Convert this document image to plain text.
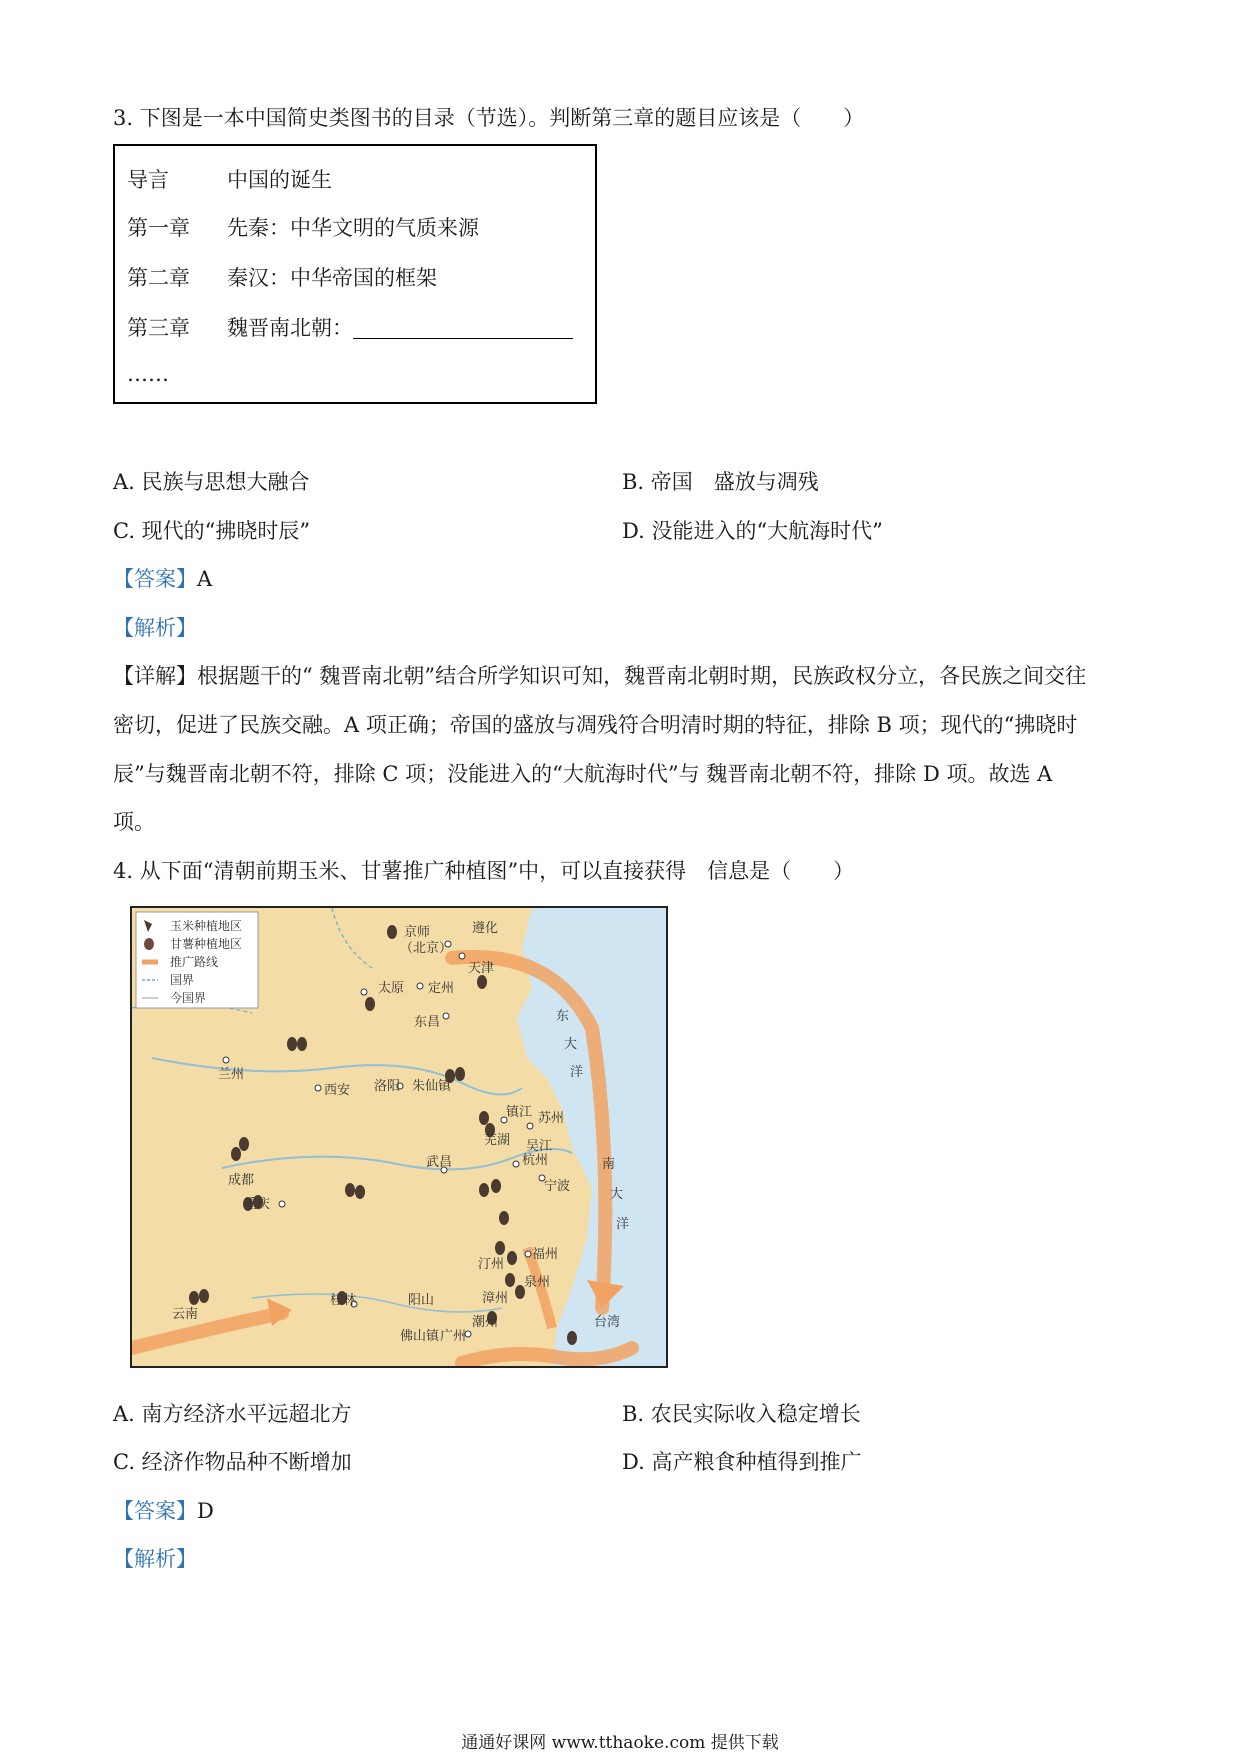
3. 下图是一本中国简史类图书的目录（节选）。判断第三章的题目应该是（　　）
导言	中国的诞生
第一章 先秦：中华文明的气质来源
第二章 秦汉：中华帝国的框架
第三章 魏晋南北朝：
……
A. 民族与思想大融合	B. 帝国　盛放与凋残
C. 现代的“拂晓时辰”	D. 没能进入的“大航海时代”
【答案】A
【解析】
【详解】根据题干的“ 魏晋南北朝”结合所学知识可知，魏晋南北朝时期，民族政权分立，各民族之间交往
密切，促进了民族交融。A 项正确；帝国的盛放与凋残符合明清时期的特征，排除 B 项；现代的“拂晓时
辰”与魏晋南北朝不符，排除 C 项；没能进入的“大航海时代”与 魏晋南北朝不符，排除 D 项。故选 A
项。
4. 从下面“清朝前期玉米、甘薯推广种植图”中，可以直接获得　信息是（　　）
玉米种植地区
甘薯种植地区
推广路线
国界
今国界
京师
（北京）
遵化
天津
太原 定州
东昌
兰州
西安 洛阳 朱仙镇
镇江 苏州
芜湖 吴江
杭州
宁波
武昌
成都
重庆
汀州
福州
泉州
漳州
桂林	阳山
云南
潮州
佛山镇 广州
台湾
东
大
洋
南
大
洋
A. 南方经济水平远超北方	B. 农民实际收入稳定增长
C. 经济作物品种不断增加	D. 高产粮食种植得到推广
【答案】D
【解析】
通通好课网 www.tthaoke.com 提供下载
